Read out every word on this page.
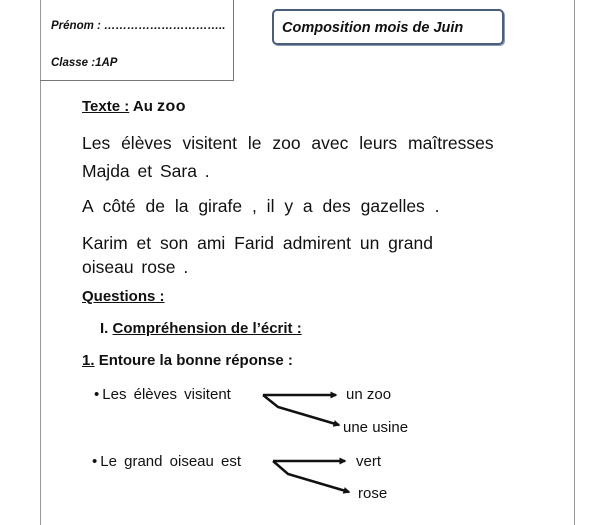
Prénom : …………………………..
Classe :1AP
Composition mois de Juin
Texte : Au zoo
Les élèves visitent le zoo avec leurs maîtresses
Majda et Sara .
A côté de la girafe , il y a des gazelles .
Karim et son ami Farid admirent un grand
oiseau rose .
Questions :
I. Compréhension de l’écrit :
1. Entoure la bonne réponse :
• Les élèves visitent	un zoo
une usine
• Le grand oiseau est	vert
rose
